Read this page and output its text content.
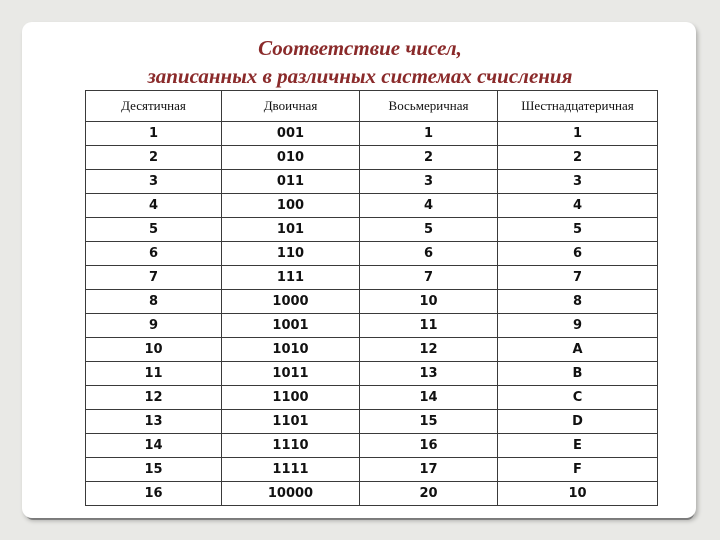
Соответствие чисел,
записанных в различных системах счисления
Десятичная	Двоичная	Восьмеричная	Шестнадцатеричная
1	001	1	1
2	010	2	2
3	011	3	3
4	100	4	4
5	101	5	5
6	110	6	6
7	111	7	7
8	1000	10	8
9	1001	11	9
10	1010	12	A
11	1011	13	B
12	1100	14	C
13	1101	15	D
14	1110	16	E
15	1111	17	F
16	10000	20	10
